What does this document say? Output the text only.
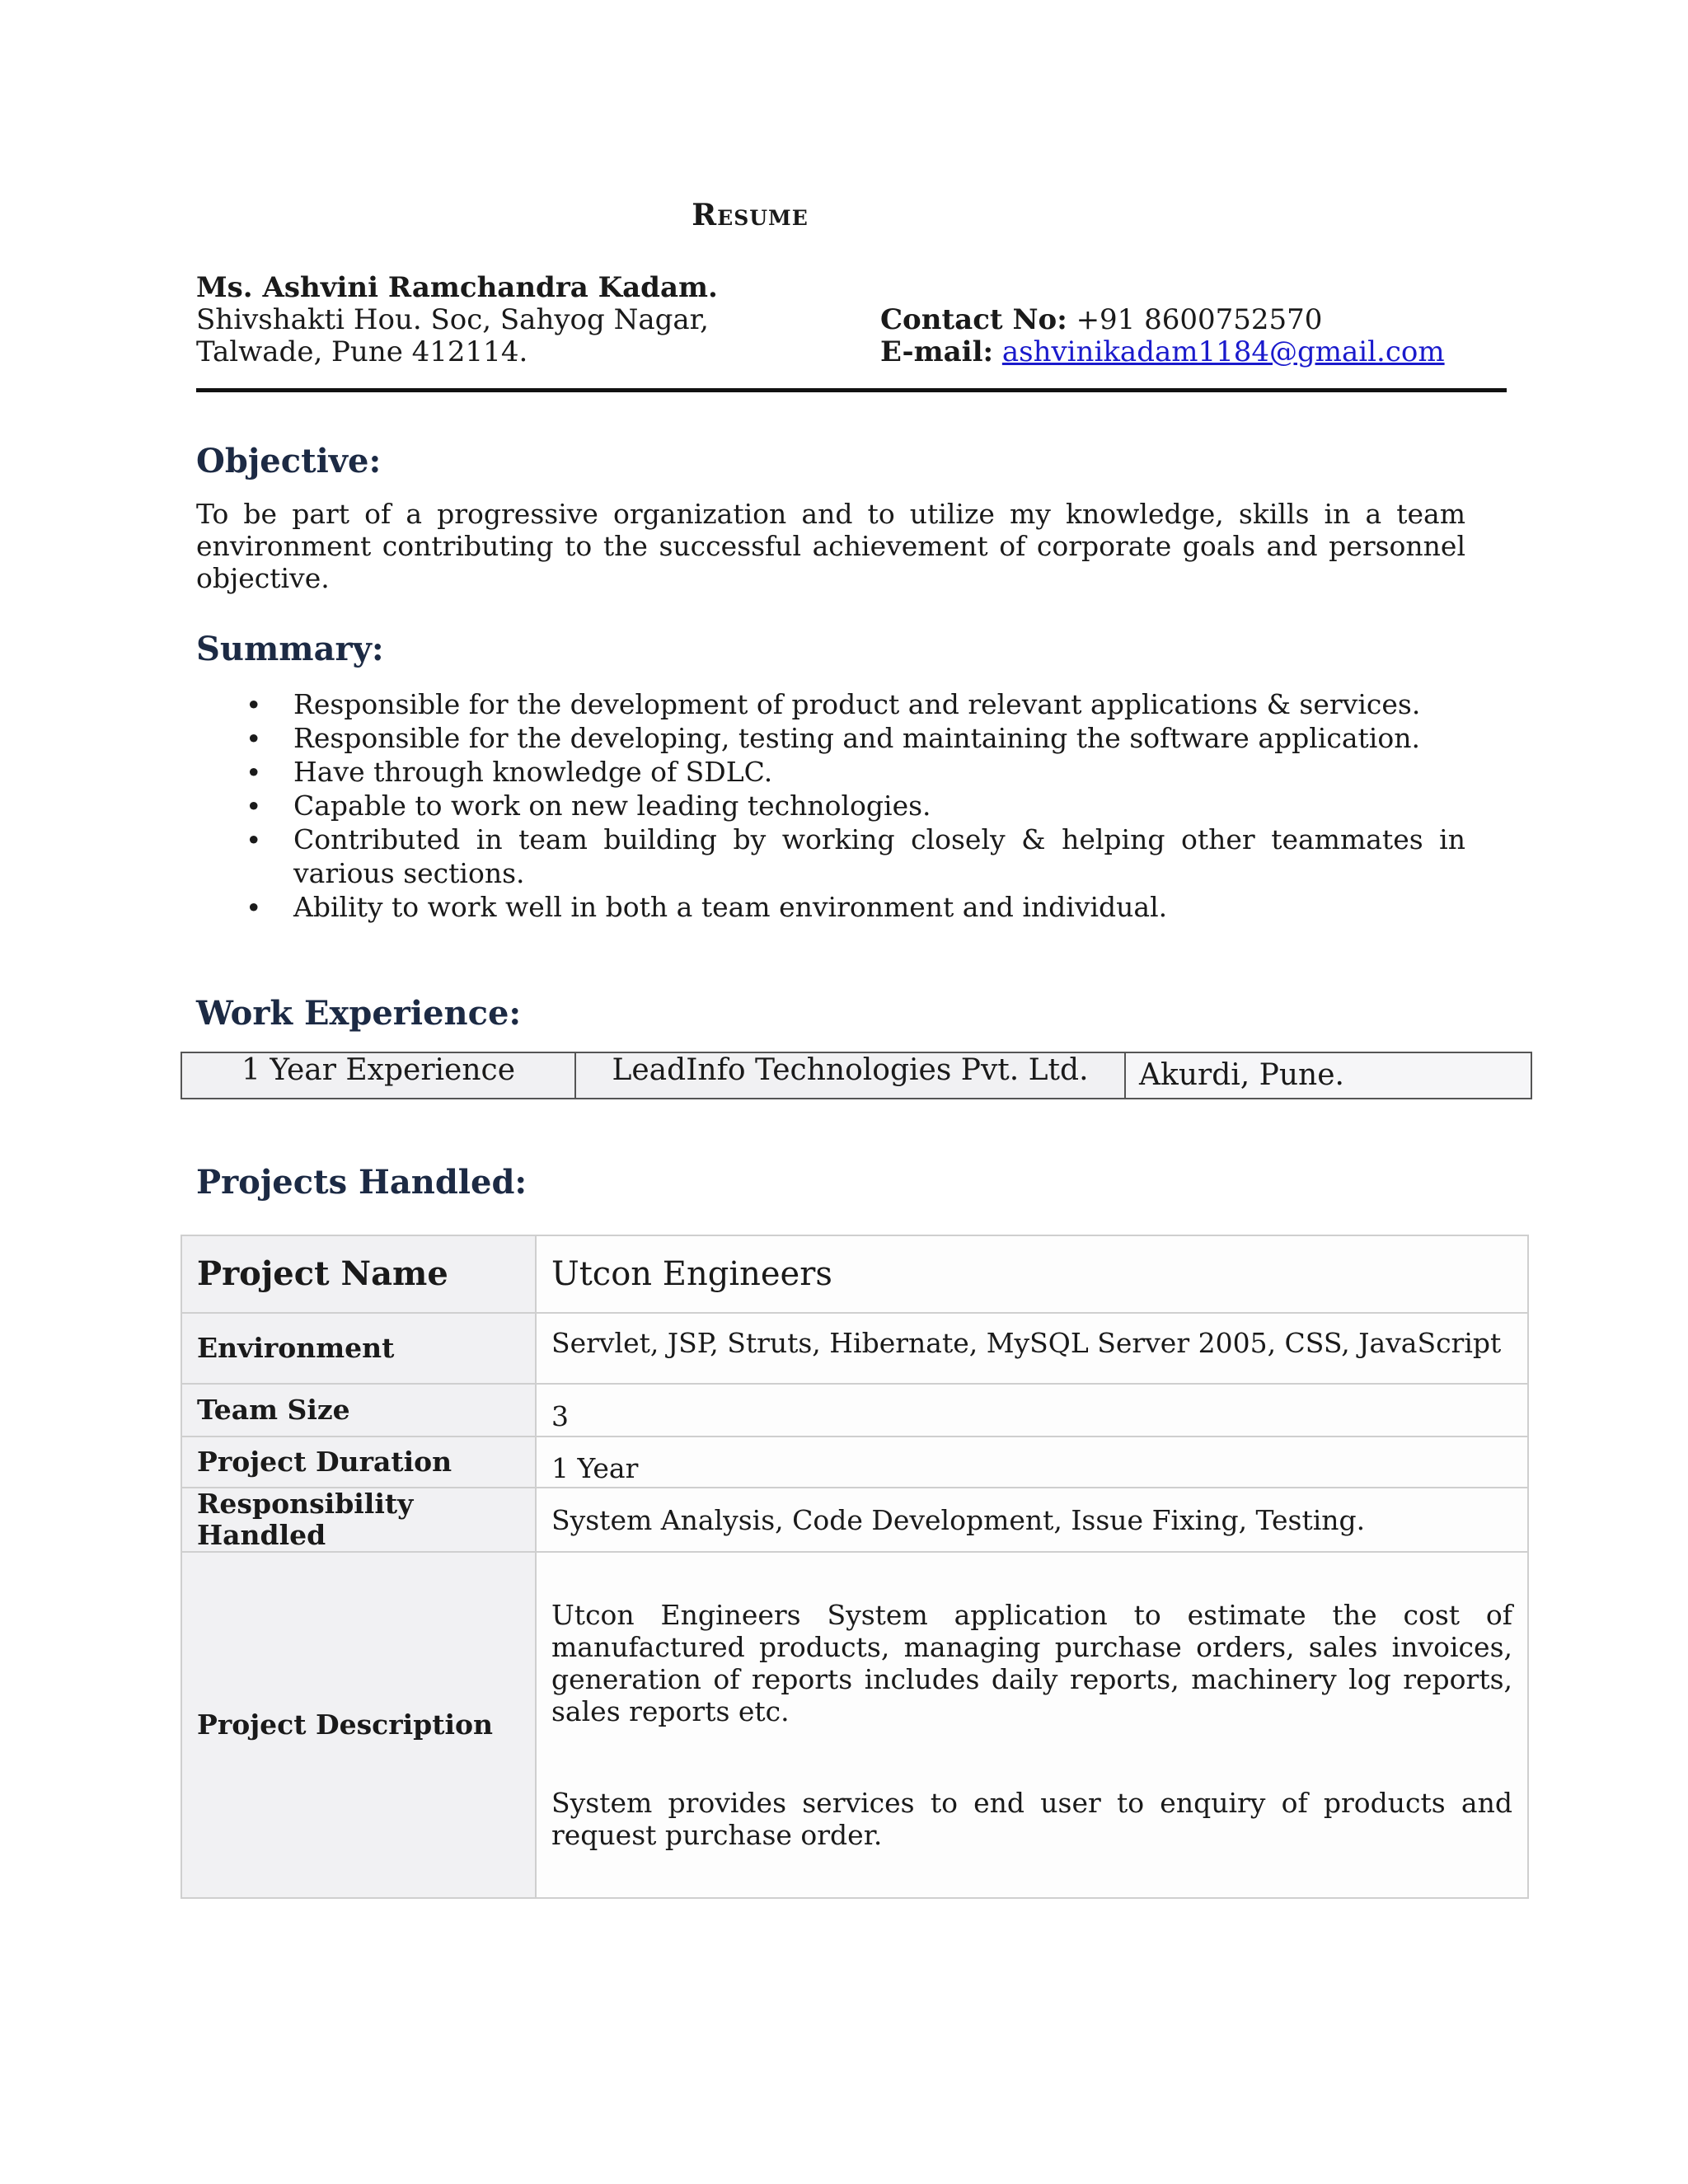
Resume
Ms. Ashvini Ramchandra Kadam.
Shivshakti Hou. Soc, Sahyog Nagar,
Talwade, Pune 412114.
Contact No: +91 8600752570
E-mail: ashvinikadam1184@gmail.com
Objective:
To be part of a progressive organization and to utilize my knowledge, skills in a team environment contributing to the successful achievement of corporate goals and personnel objective.
Summary:
• Responsible for the development of product and relevant applications & services.
• Responsible for the developing, testing and maintaining the software application.
• Have through knowledge of SDLC.
• Capable to work on new leading technologies.
• Contributed in team building by working closely & helping other teammates in various sections.
• Ability to work well in both a team environment and individual.
Work Experience:
1 Year Experience	LeadInfo Technologies Pvt. Ltd.	Akurdi, Pune.
Projects Handled:
Project Name	Utcon Engineers
Environment	Servlet, JSP, Struts, Hibernate, MySQL Server 2005, CSS, JavaScript
Team Size	3
Project Duration	1 Year
Responsibility Handled	System Analysis, Code Development, Issue Fixing, Testing.
Project Description	Utcon Engineers System application to estimate the cost of manufactured products, managing purchase orders, sales invoices, generation of reports includes daily reports, machinery log reports, sales reports etc.

System provides services to end user to enquiry of products and request purchase order.
